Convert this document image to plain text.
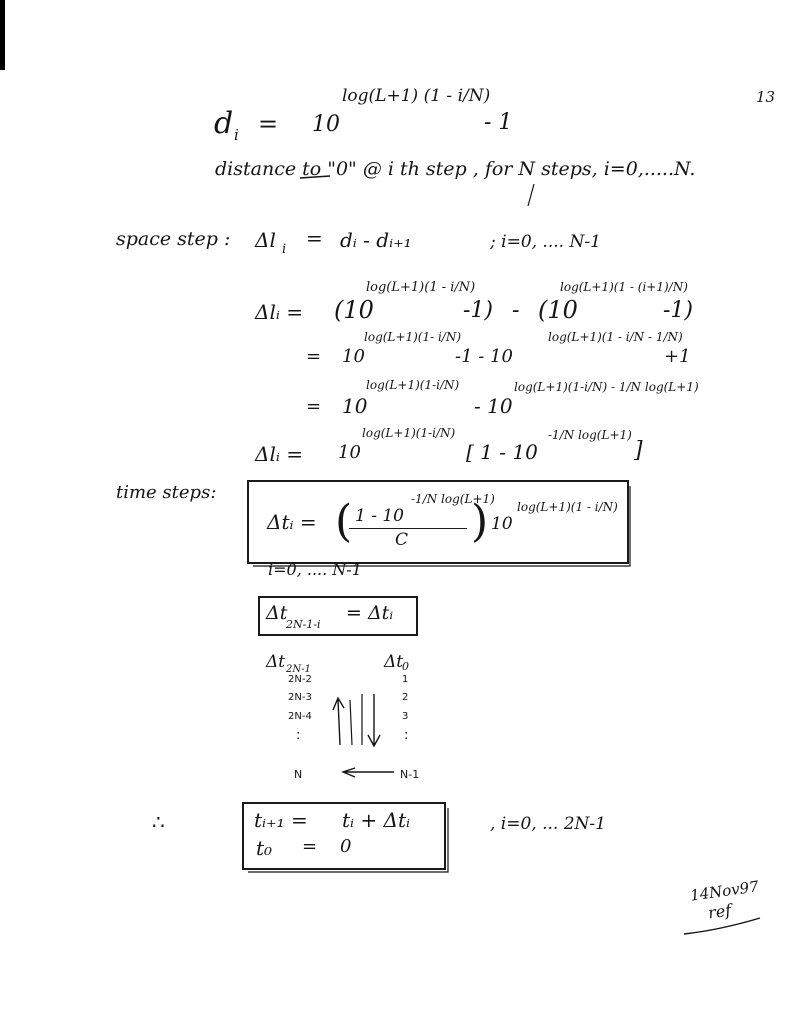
13
d i = 10
log(L+1) (1 - i/N)
- 1
distance to "0" @ i th step , for N steps, i=0,.....N.
space step : Δl i = dᵢ - dᵢ₊₁	; i=0, .... N-1
Δlᵢ = (10
log(L+1)(1 - i/N)
-1) - (10
log(L+1)(1 - (i+1)/N)
-1)
= 10
log(L+1)(1- i/N)
-1 - 10
log(L+1)(1 - i/N - 1/N)
+1
= 10
log(L+1)(1-i/N)
- 10
log(L+1)(1-i/N) - 1/N log(L+1)
Δlᵢ = 10
log(L+1)(1-i/N)
[ 1 - 10
-1/N log(L+1)
]
time steps:
Δtᵢ = ( 1 - 10
-1/N log(L+1)
C ) 10
log(L+1)(1 - i/N)
i=0, .... N-1
Δt
2N-1-i
= Δtᵢ
Δt 2N-1
2N-2
2N-3
2N-4
:
N
Δt
0
1
2
3
:
N-1
∴	tᵢ₊₁ = tᵢ + Δtᵢ
t₀ = 0
, i=0, ... 2N-1
14Nov97
ref
